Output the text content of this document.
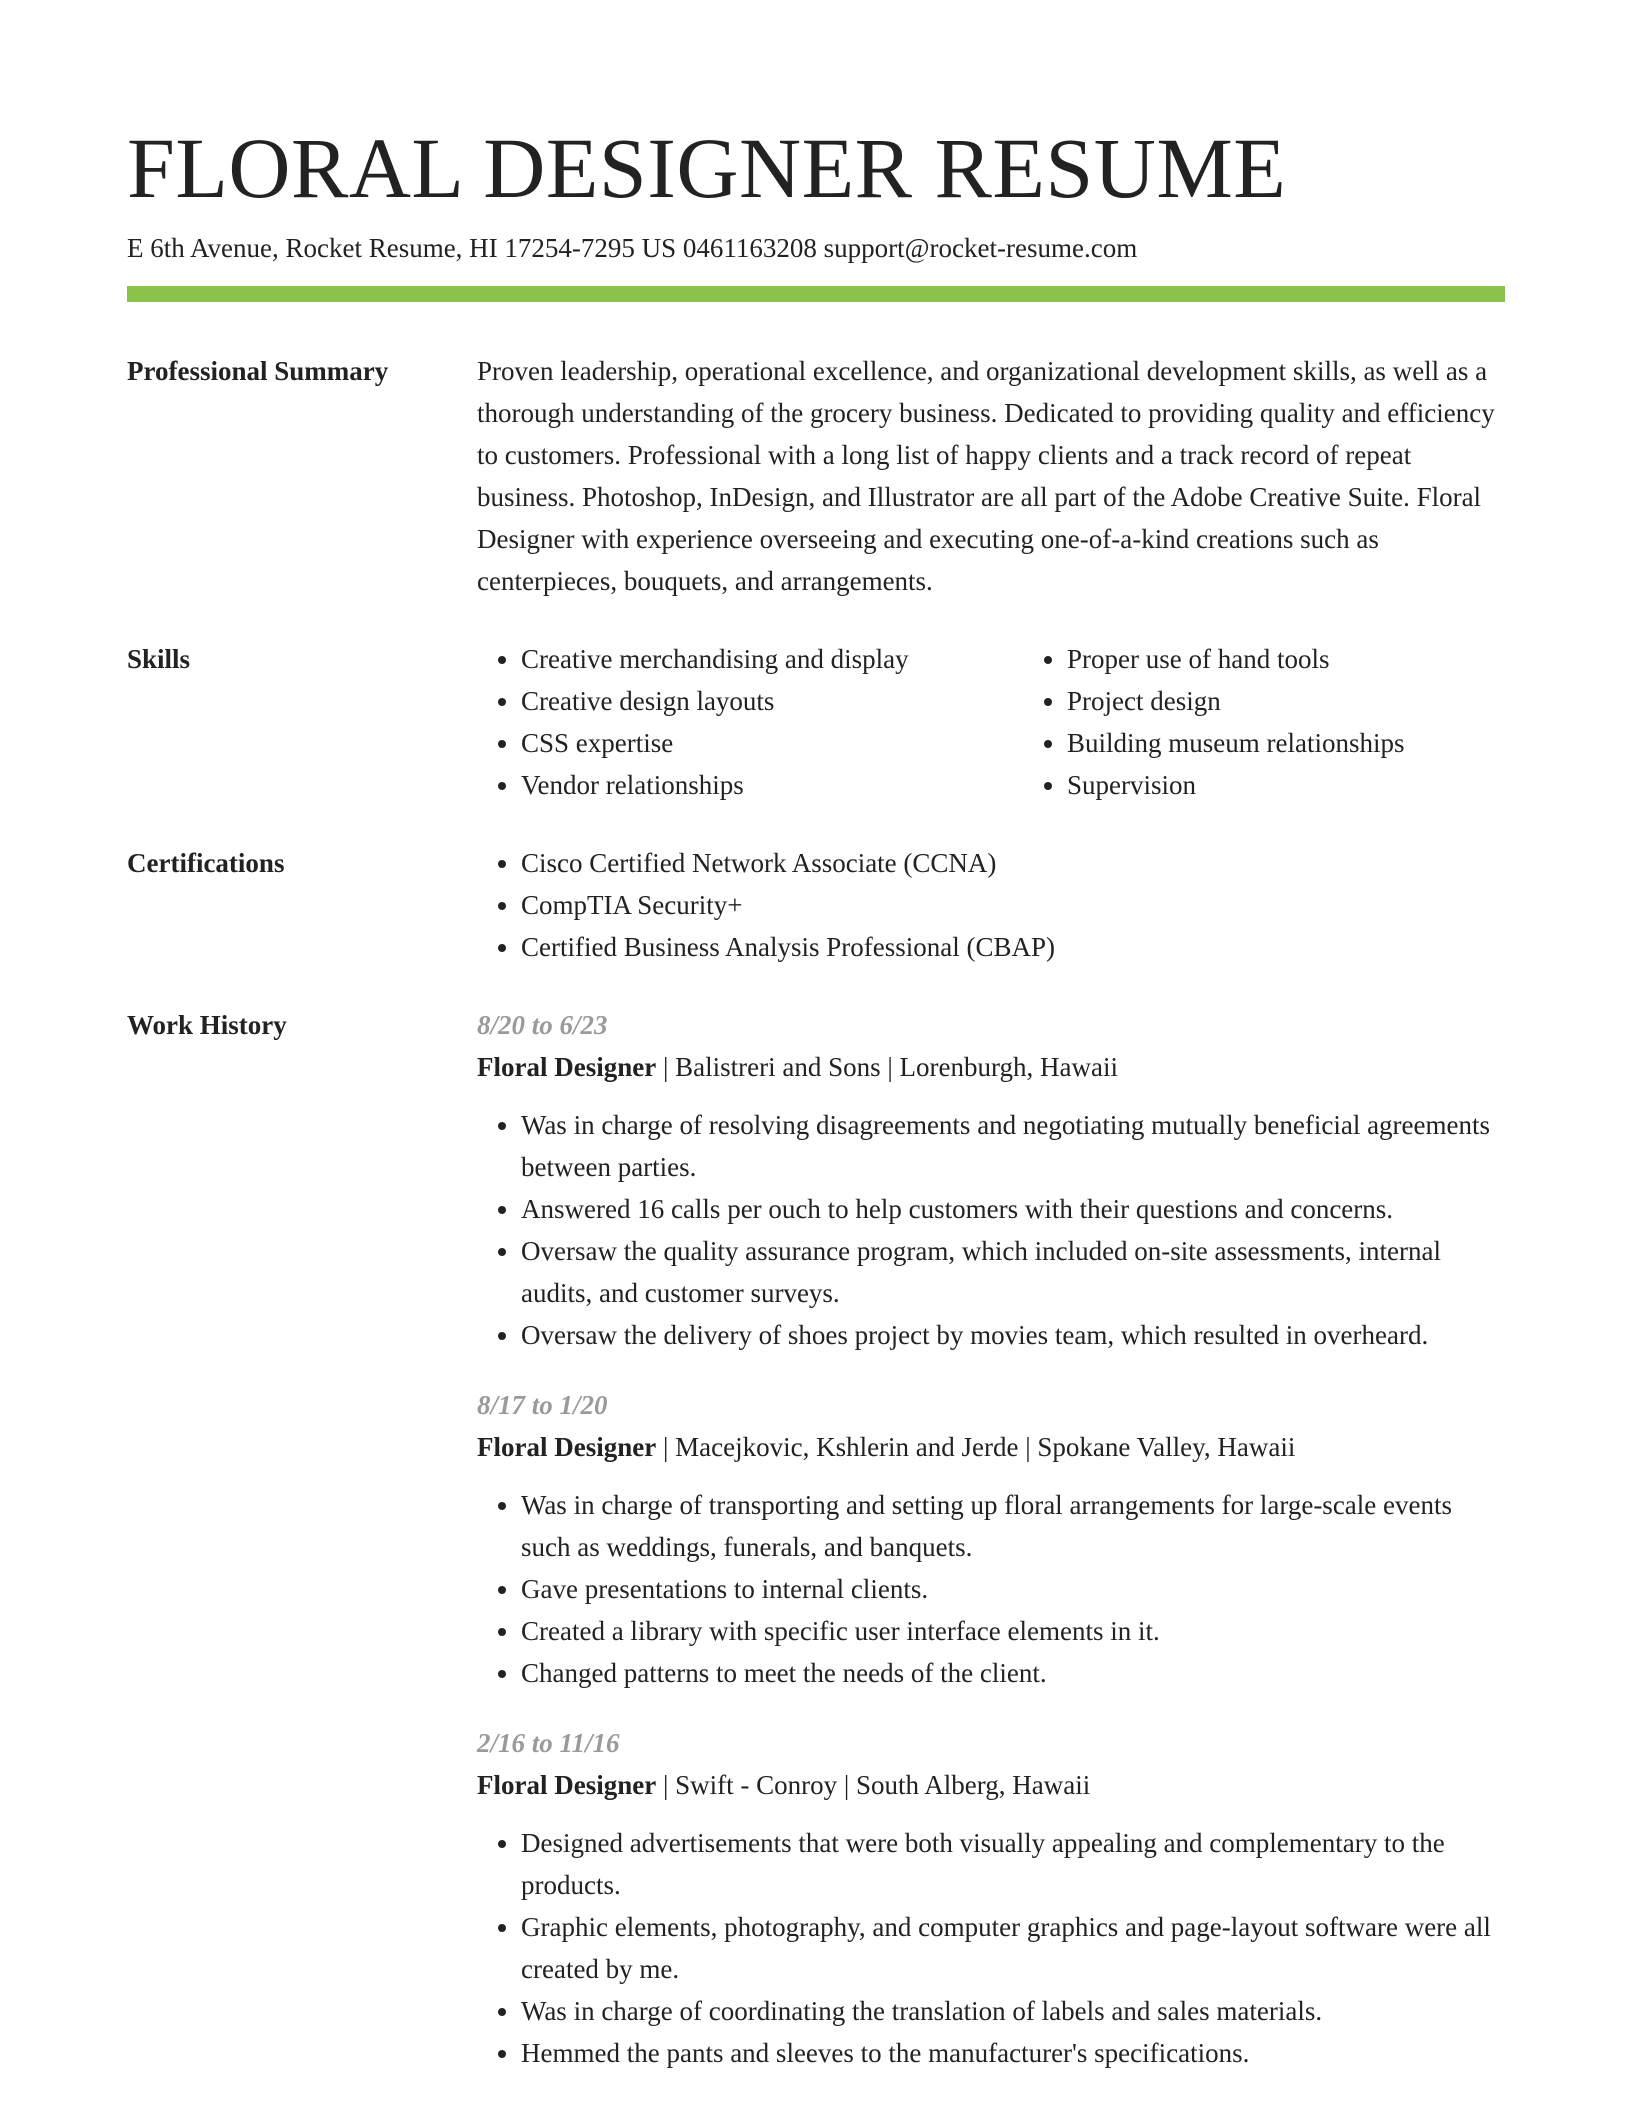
FLORAL DESIGNER RESUME
E 6th Avenue, Rocket Resume, HI 17254-7295 US 0461163208 support@rocket-resume.com
Professional Summary	Proven leadership, operational excellence, and organizational development skills, as well as a thorough understanding of the grocery business. Dedicated to providing quality and efficiency to customers. Professional with a long list of happy clients and a track record of repeat business. Photoshop, InDesign, and Illustrator are all part of the Adobe Creative Suite. Floral Designer with experience overseeing and executing one-of-a-kind creations such as centerpieces, bouquets, and arrangements.

Skills	• Creative merchandising and display
• Creative design layouts
• CSS expertise
• Vendor relationships
• Proper use of hand tools
• Project design
• Building museum relationships
• Supervision
Certifications	• Cisco Certified Network Associate (CCNA)
• CompTIA Security+
• Certified Business Analysis Professional (CBAP)
Work History	8/20 to 6/23
Floral Designer | Balistreri and Sons | Lorenburgh, Hawaii
• Was in charge of resolving disagreements and negotiating mutually beneficial agreements between parties.
• Answered 16 calls per ouch to help customers with their questions and concerns.
• Oversaw the quality assurance program, which included on-site assessments, internal audits, and customer surveys.
• Oversaw the delivery of shoes project by movies team, which resulted in overheard.
8/17 to 1/20
Floral Designer | Macejkovic, Kshlerin and Jerde | Spokane Valley, Hawaii
• Was in charge of transporting and setting up floral arrangements for large-scale events such as weddings, funerals, and banquets.
• Gave presentations to internal clients.
• Created a library with specific user interface elements in it.
• Changed patterns to meet the needs of the client.
2/16 to 11/16
Floral Designer | Swift - Conroy | South Alberg, Hawaii
• Designed advertisements that were both visually appealing and complementary to the products.
• Graphic elements, photography, and computer graphics and page-layout software were all created by me.
• Was in charge of coordinating the translation of labels and sales materials.
• Hemmed the pants and sleeves to the manufacturer's specifications.
